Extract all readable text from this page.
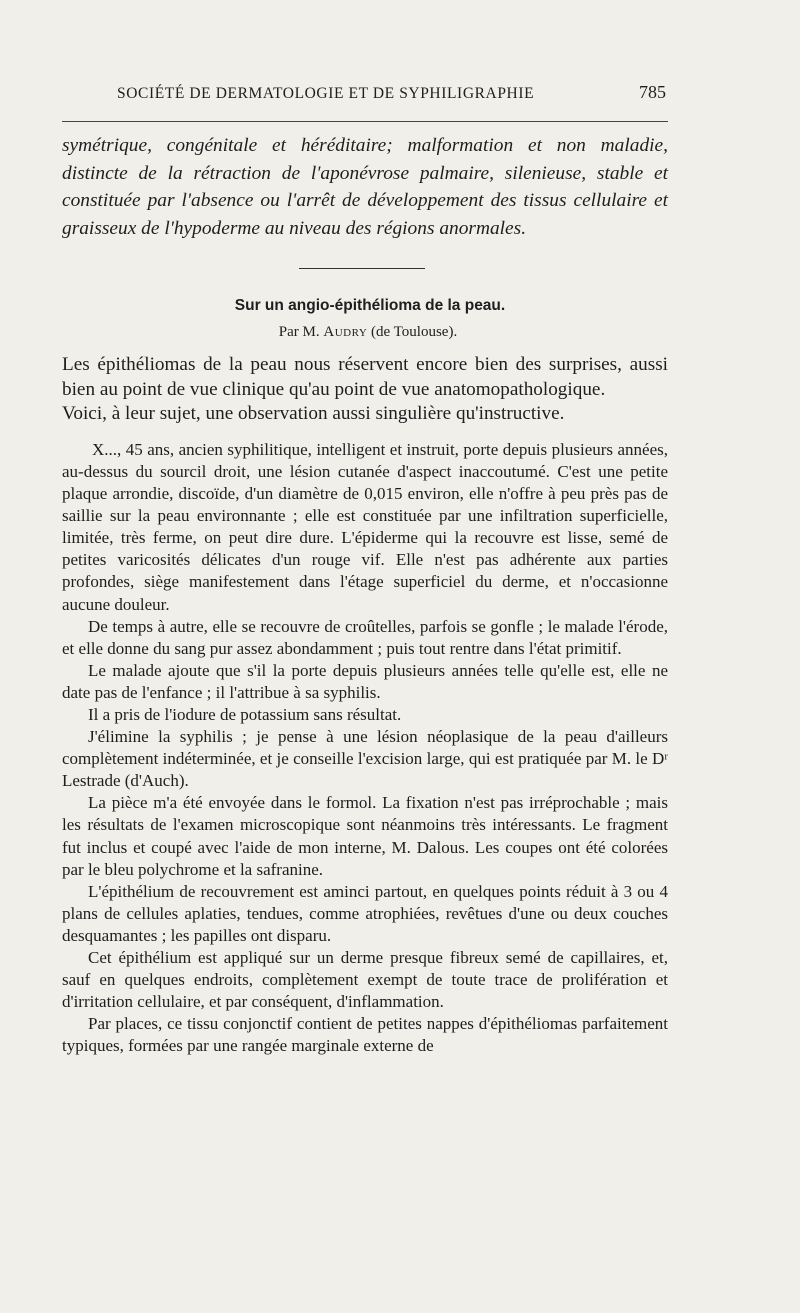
SOCIÉTÉ DE DERMATOLOGIE ET DE SYPHILIGRAPHIE	785

symétrique, congénitale et héréditaire; malformation et non maladie, distincte de la rétraction de l'aponévrose palmaire, silenieuse, stable et constituée par l'absence ou l'arrêt de développement des tissus cellulaire et graisseux de l'hypoderme au niveau des régions anormales.

Sur un angio-épithélioma de la peau.
Par M. Audry (de Toulouse).

Les épithéliomas de la peau nous réservent encore bien des surprises, aussi bien au point de vue clinique qu'au point de vue anatomopathologique.

Voici, à leur sujet, une observation aussi singulière qu'instructive.

X..., 45 ans, ancien syphilitique, intelligent et instruit, porte depuis plusieurs années, au-dessus du sourcil droit, une lésion cutanée d'aspect inaccoutumé. C'est une petite plaque arrondie, discoïde, d'un diamètre de 0,015 environ, elle n'offre à peu près pas de saillie sur la peau environnante ; elle est constituée par une infiltration superficielle, limitée, très ferme, on peut dire dure. L'épiderme qui la recouvre est lisse, semé de petites varicosités délicates d'un rouge vif. Elle n'est pas adhérente aux parties profondes, siège manifestement dans l'étage superficiel du derme, et n'occasionne aucune douleur.

De temps à autre, elle se recouvre de croûtelles, parfois se gonfle ; le malade l'érode, et elle donne du sang pur assez abondamment ; puis tout rentre dans l'état primitif.

Le malade ajoute que s'il la porte depuis plusieurs années telle qu'elle est, elle ne date pas de l'enfance ; il l'attribue à sa syphilis.

Il a pris de l'iodure de potassium sans résultat.

J'élimine la syphilis ; je pense à une lésion néoplasique de la peau d'ailleurs complètement indéterminée, et je conseille l'excision large, qui est pratiquée par M. le Dʳ Lestrade (d'Auch).

La pièce m'a été envoyée dans le formol. La fixation n'est pas irréprochable ; mais les résultats de l'examen microscopique sont néanmoins très intéressants. Le fragment fut inclus et coupé avec l'aide de mon interne, M. Dalous. Les coupes ont été colorées par le bleu polychrome et la safranine.

L'épithélium de recouvrement est aminci partout, en quelques points réduit à 3 ou 4 plans de cellules aplaties, tendues, comme atrophiées, revêtues d'une ou deux couches desquamantes ; les papilles ont disparu.

Cet épithélium est appliqué sur un derme presque fibreux semé de capillaires, et, sauf en quelques endroits, complètement exempt de toute trace de prolifération et d'irritation cellulaire, et par conséquent, d'inflammation.

Par places, ce tissu conjonctif contient de petites nappes d'épithéliomas parfaitement typiques, formées par une rangée marginale externe de
